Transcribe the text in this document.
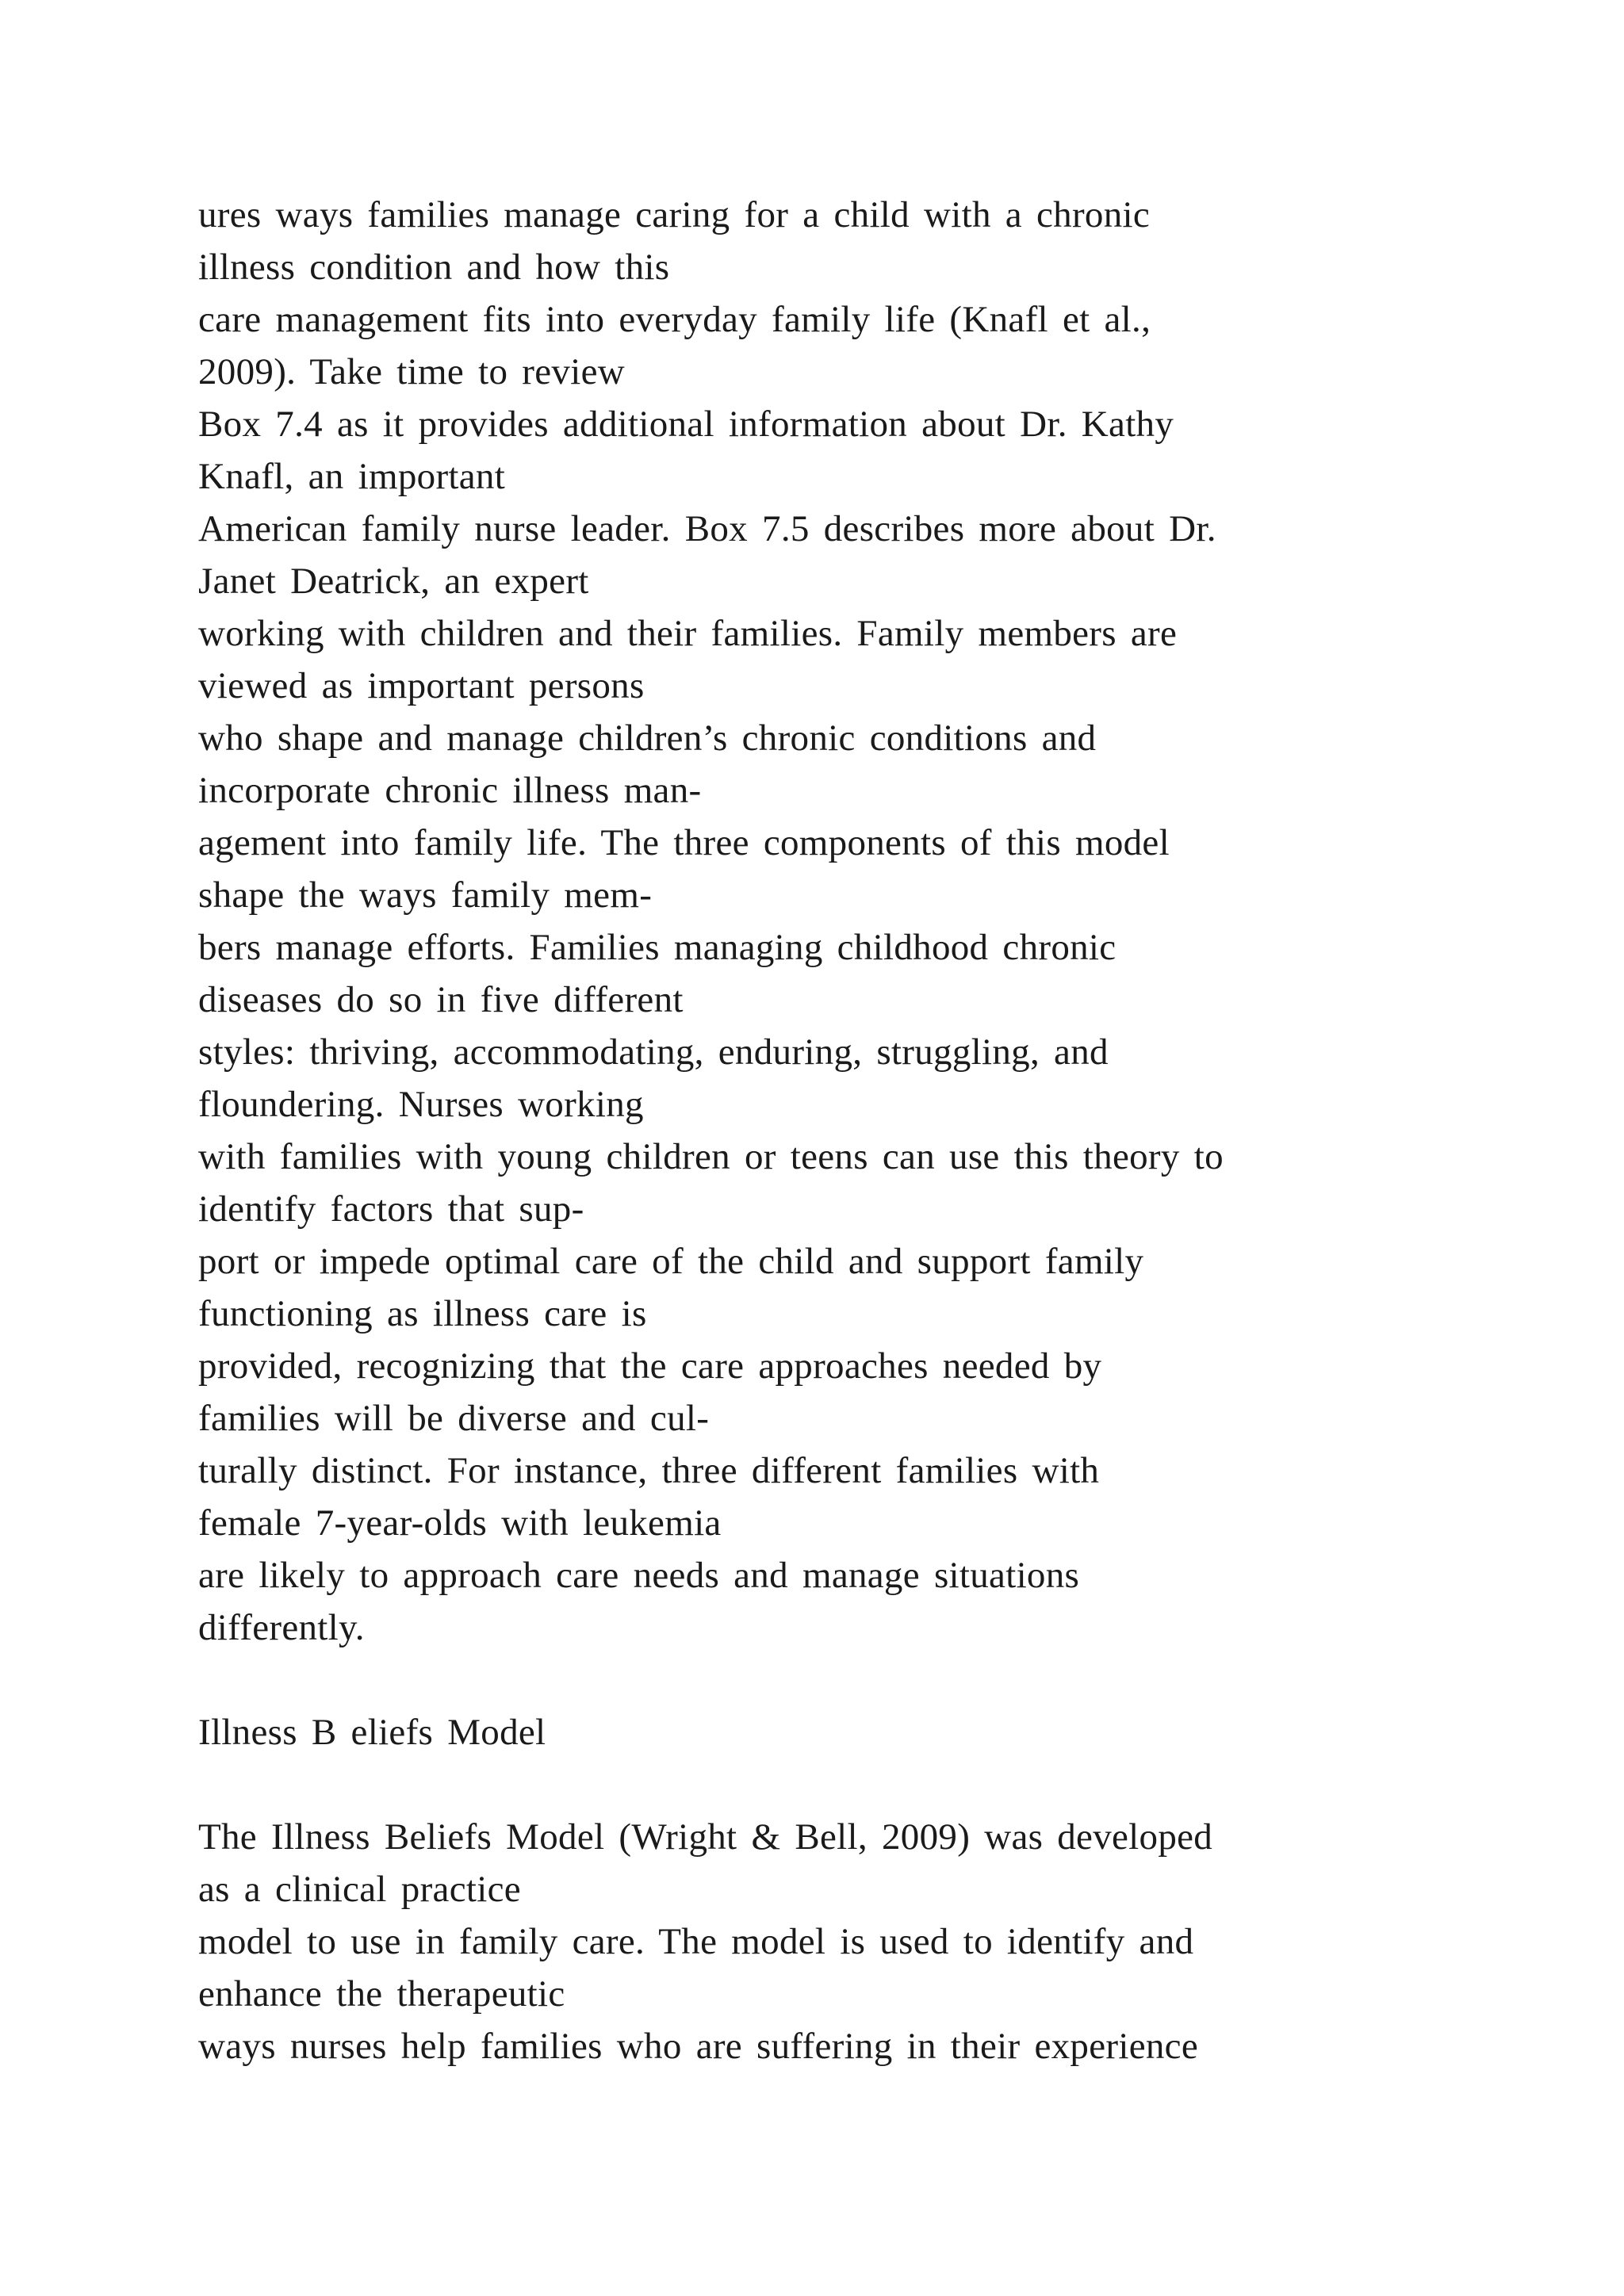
ures ways families manage caring for a child with a chronic
illness condition and how this
care management fits into everyday family life (Knafl et al.,
2009). Take time to review
Box 7.4 as it provides additional information about Dr. Kathy
Knafl, an important
American family nurse leader. Box 7.5 describes more about Dr.
Janet Deatrick, an expert
working with children and their families. Family members are
viewed as important persons
who shape and manage children’s chronic conditions and
incorporate chronic illness man-
agement into family life. The three components of this model
shape the ways family mem-
bers manage efforts. Families managing childhood chronic
diseases do so in five different
styles: thriving, accommodating, enduring, struggling, and
floundering. Nurses working
with families with young children or teens can use this theory to
identify factors that sup-
port or impede optimal care of the child and support family
functioning as illness care is
provided, recognizing that the care approaches needed by
families will be diverse and cul-
turally distinct. For instance, three different families with
female 7-year-olds with leukemia
are likely to approach care needs and manage situations
differently.
Illness B eliefs Model
The Illness Beliefs Model (Wright & Bell, 2009) was developed
as a clinical practice
model to use in family care. The model is used to identify and
enhance the therapeutic
ways nurses help families who are suffering in their experience
